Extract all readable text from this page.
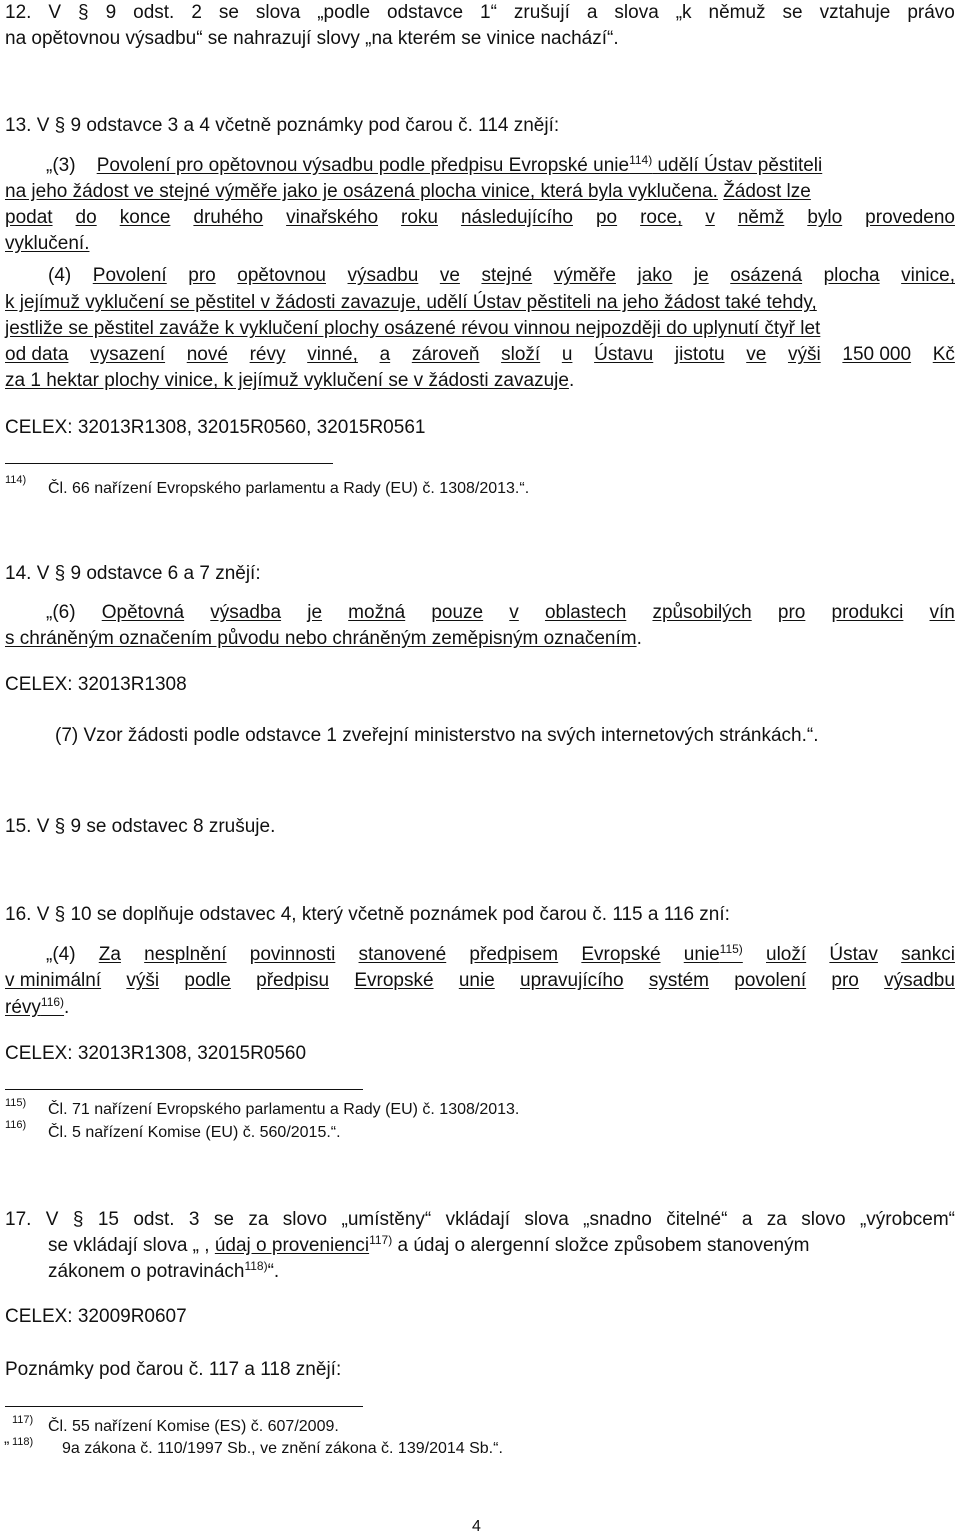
12. V § 9 odst. 2 se slova „podle odstavce 1“ zrušují a slova „k němuž se vztahuje právo
na opětovnou výsadbu“ se nahrazují slovy „na kterém se vinice nachází“.
13. V § 9 odstavce 3 a 4 včetně poznámky pod čarou č. 114 znějí:
„(3) Povolení pro opětovnou výsadbu podle předpisu Evropské unie$^{114)}$ udělí Ústav pěstiteli
na jeho žádost ve stejné výměře jako je osázená plocha vinice, která byla vyklučena. Žádost lze
podat do konce druhého vinařského roku následujícího po roce, v němž bylo provedeno
vyklučení.
(4) Povolení pro opětovnou výsadbu ve stejné výměře jako je osázená plocha vinice,
k jejímuž vyklučení se pěstitel v žádosti zavazuje, udělí Ústav pěstiteli na jeho žádost také tehdy,
jestliže se pěstitel zaváže k vyklučení plochy osázené révou vinnou nejpozději do uplynutí čtyř let
od data vysazení nové révy vinné, a zároveň složí u Ústavu jistotu ve výši 150 000 Kč
za 1 hektar plochy vinice, k jejímuž vyklučení se v žádosti zavazuje.
CELEX: 32013R1308, 32015R0560, 32015R0561
114) Čl. 66 nařízení Evropského parlamentu a Rady (EU) č. 1308/2013.“.
14. V § 9 odstavce 6 a 7 znějí:
„(6) Opětovná výsadba je možná pouze v oblastech způsobilých pro produkci vín
s chráněným označením původu nebo chráněným zeměpisným označením.
CELEX: 32013R1308
(7) Vzor žádosti podle odstavce 1 zveřejní ministerstvo na svých internetových stránkách.“.
15. V § 9 se odstavec 8 zrušuje.
16. V § 10 se doplňuje odstavec 4, který včetně poznámek pod čarou č. 115 a 116 zní:
„(4) Za nesplnění povinnosti stanovené předpisem Evropské unie$^{115)}$ uloží Ústav sankci
v minimální výši podle předpisu Evropské unie upravujícího systém povolení pro výsadbu
révy$^{116)}$.
CELEX: 32013R1308, 32015R0560
115) Čl. 71 nařízení Evropského parlamentu a Rady (EU) č. 1308/2013.
116) Čl. 5 nařízení Komise (EU) č. 560/2015.“.
17. V § 15 odst. 3 se za slovo „umístěny“ vkládají slova „snadno čitelné“ a za slovo „výrobcem“
se vkládají slova „ , údaj o provenienci$^{117)}$ a údaj o alergenní složce způsobem stanoveným
zákonem o potravinách$^{118)}$“.
CELEX: 32009R0607
Poznámky pod čarou č. 117 a 118 znějí:
117) Čl. 55 nařízení Komise (ES) č. 607/2009.
„ 118) 9a zákona č. 110/1997 Sb., ve znění zákona č. 139/2014 Sb.“.
4
